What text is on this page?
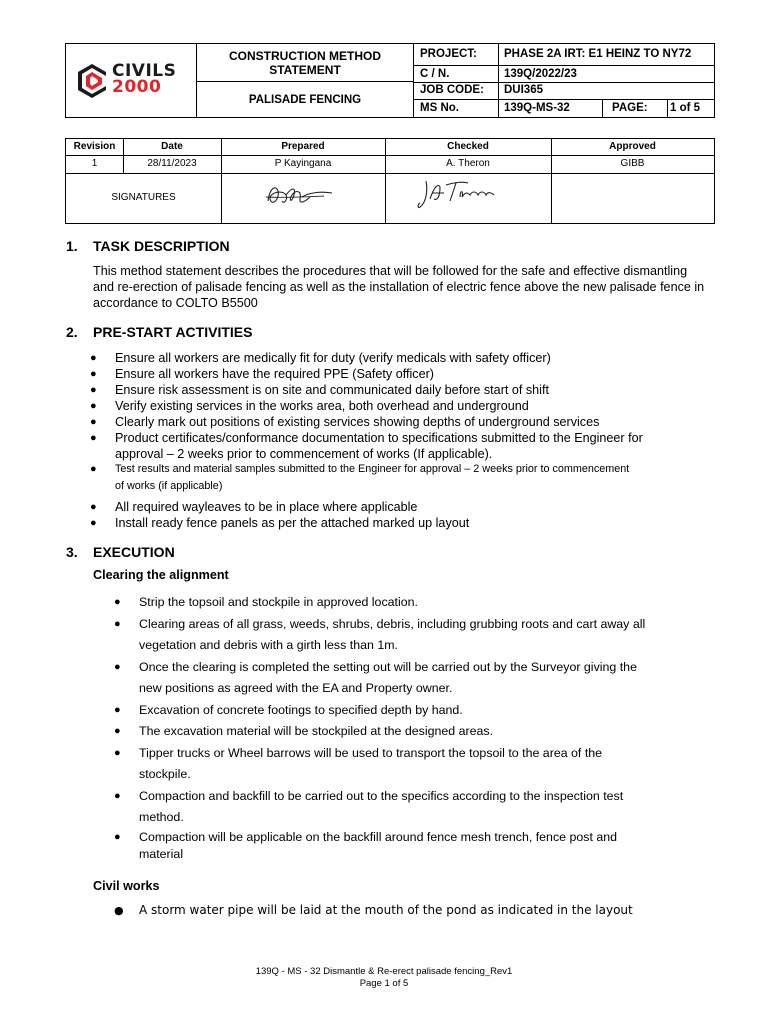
CIVILS
2000
CONSTRUCTION METHOD STATEMENT
PALISADE FENCING
PROJECT: PHASE 2A IRT: E1 HEINZ TO NY72
C / N.	139Q/2022/23
JOB CODE: DUI365
MS No.	139Q-MS-32	PAGE: 1 of 5
Revision	Date	Prepared	Checked	Approved
1	28/11/2023	P Kayingana	A. Theron	GIBB
SIGNATURES
1. TASK DESCRIPTION
This method statement describes the procedures that will be followed for the safe and effective dismantling
and re-erection of palisade fencing as well as the installation of electric fence above the new palisade fence in
accordance to COLTO B5500
2. PRE-START ACTIVITIES
● Ensure all workers are medically fit for duty (verify medicals with safety officer)
● Ensure all workers have the required PPE (Safety officer)
● Ensure risk assessment is on site and communicated daily before start of shift
● Verify existing services in the works area, both overhead and underground
● Clearly mark out positions of existing services showing depths of underground services
● Product certificates/conformance documentation to specifications submitted to the Engineer for
approval – 2 weeks prior to commencement of works (If applicable).
● Test results and material samples submitted to the Engineer for approval – 2 weeks prior to commencement
of works (if applicable)
● All required wayleaves to be in place where applicable
● Install ready fence panels as per the attached marked up layout
3. EXECUTION
Clearing the alignment
● Strip the topsoil and stockpile in approved location.
● Clearing areas of all grass, weeds, shrubs, debris, including grubbing roots and cart away all
vegetation and debris with a girth less than 1m.
● Once the clearing is completed the setting out will be carried out by the Surveyor giving the
new positions as agreed with the EA and Property owner.
● Excavation of concrete footings to specified depth by hand.
● The excavation material will be stockpiled at the designed areas.
● Tipper trucks or Wheel barrows will be used to transport the topsoil to the area of the
stockpile.
● Compaction and backfill to be carried out to the specifics according to the inspection test
method.
● Compaction will be applicable on the backfill around fence mesh trench, fence post and
material
Civil works
● A storm water pipe will be laid at the mouth of the pond as indicated in the layout
139Q - MS - 32 Dismantle & Re-erect palisade fencing_Rev1
Page 1 of 5
